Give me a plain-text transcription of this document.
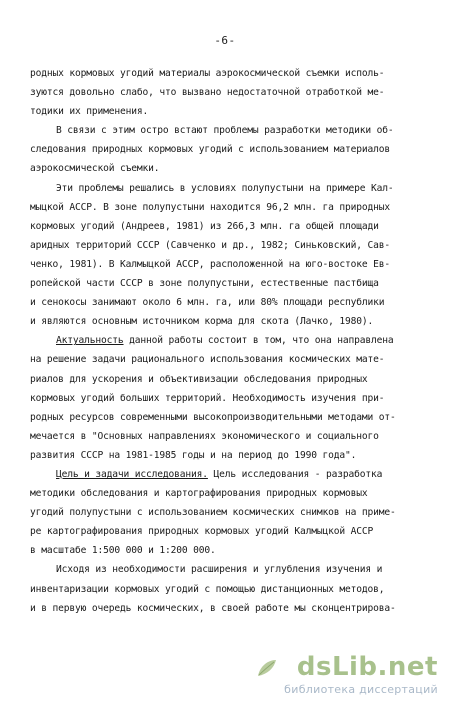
-6-
родных кормовых угодий материалы аэрокосмической съемки исполь-
зуются довольно слабо, что вызвано недостаточной отработкой ме-
тодики их применения.
В связи с этим остро встают проблемы разработки методики об-
следования природных кормовых угодий с использованием материалов
аэрокосмической съемки.
Эти проблемы решались в условиях полупустыни на примере Кал-
мыцкой АССР. В зоне полупустыни находится 96,2 млн. га природных
кормовых угодий (Андреев, 1981) из 266,3 млн. га общей площади
аридных территорий СССР (Савченко и др., 1982; Синьковский, Сав-
ченко, 1981). В Калмыцкой АССР, расположенной на юго-востоке Ев-
ропейской части СССР в зоне полупустыни, естественные пастбища
и сенокосы занимают около 6 млн. га, или 80% площади республики
и являются основным источником корма для скота (Лачко, 1980).
Актуальность данной работы состоит в том, что она направлена
на решение задачи рационального использования космических мате-
риалов для ускорения и объективизации обследования природных
кормовых угодий больших территорий. Необходимость изучения при-
родных ресурсов современными высокопроизводительными методами от-
мечается в "Основных направлениях экономического и социального
развития СССР на 1981-1985 годы и на период до 1990 года".
Цель и задачи исследования. Цель исследования - разработка
методики обследования и картографирования природных кормовых
угодий полупустыни с использованием космических снимков на приме-
ре картографирования природных кормовых угодий Калмыцкой АССР
в масштабе 1:500 000 и 1:200 000.
Исходя из необходимости расширения и углубления изучения и
инвентаризации кормовых угодий с помощью дистанционных методов,
и в первую очередь космических, в своей работе мы сконцентрирова-
dsLib.net
библиотека диссертаций
